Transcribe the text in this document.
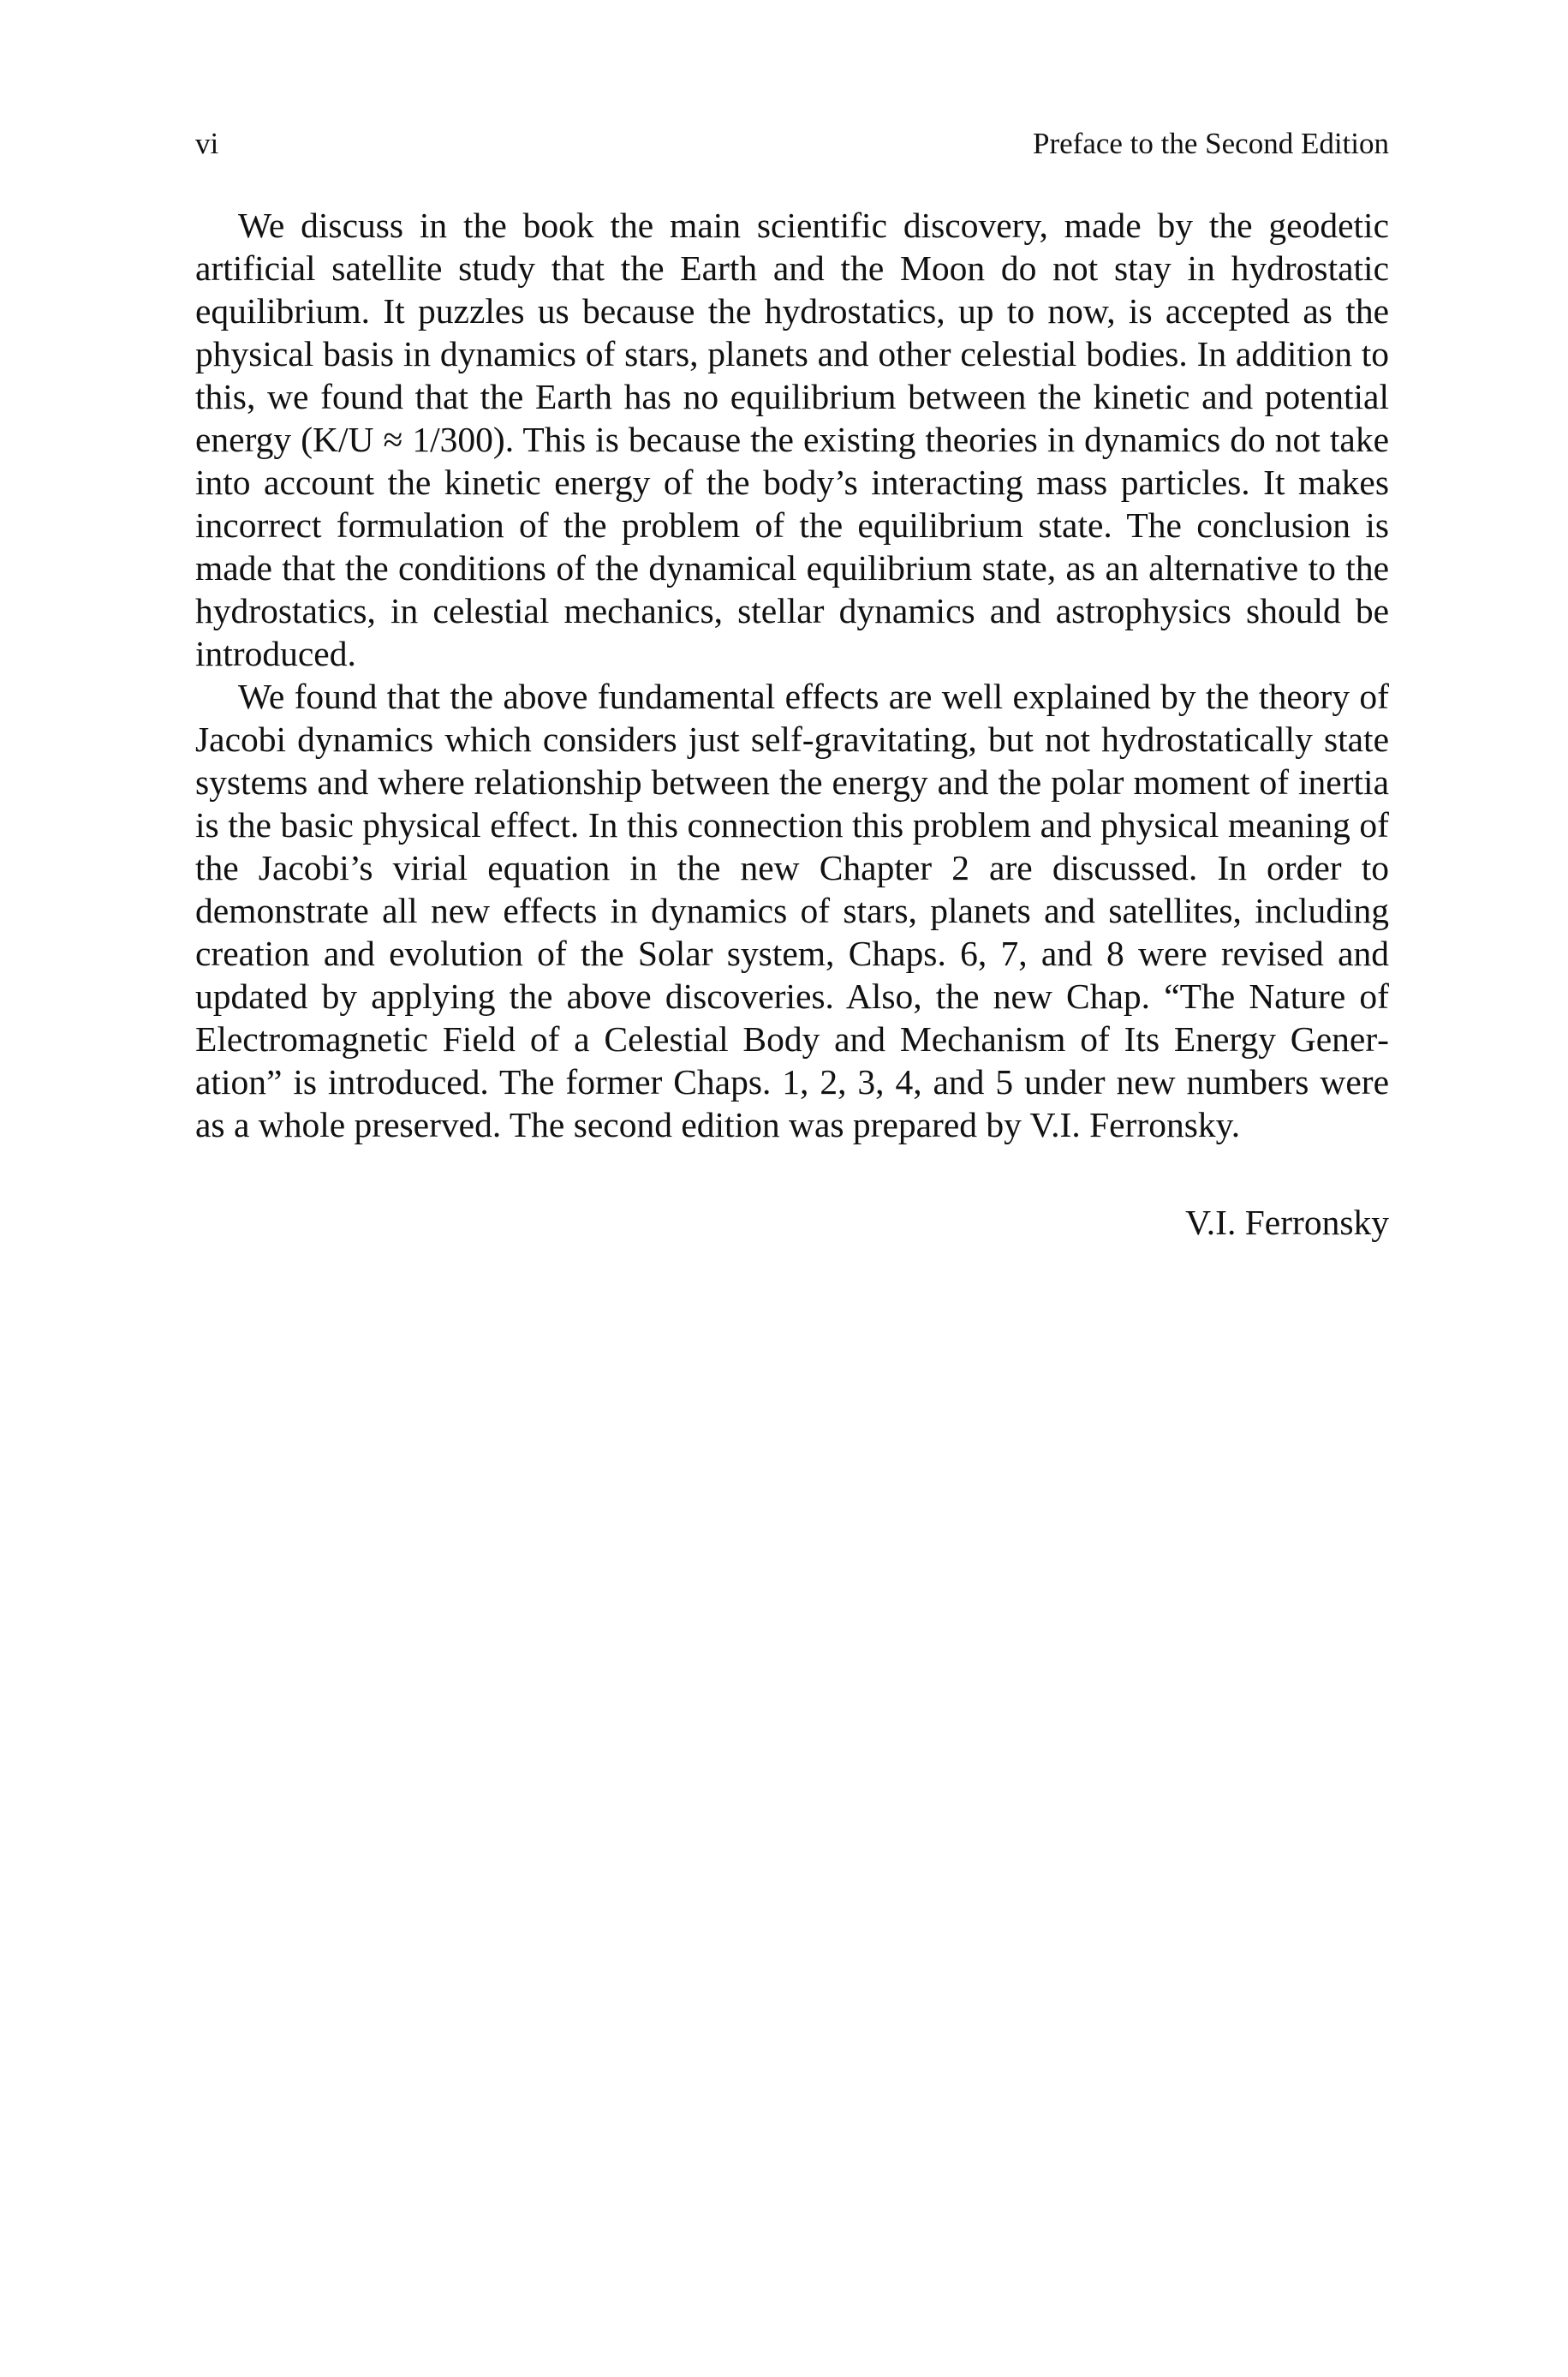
vi	Preface to the Second Edition

We discuss in the book the main scientific discovery, made by the geodetic artificial satellite study that the Earth and the Moon do not stay in hydrostatic equilibrium. It puzzles us because the hydrostatics, up to now, is accepted as the physical basis in dynamics of stars, planets and other celestial bodies. In addition to this, we found that the Earth has no equilibrium between the kinetic and potential energy (K/U ≈ 1/300). This is because the existing theories in dynamics do not take into account the kinetic energy of the body’s interacting mass particles. It makes incorrect formulation of the problem of the equilibrium state. The conclusion is made that the conditions of the dynamical equilibrium state, as an alternative to the hydrostatics, in celestial mechanics, stellar dynamics and astrophysics should be introduced.

We found that the above fundamental effects are well explained by the theory of Jacobi dynamics which considers just self-gravitating, but not hydrostatically state systems and where relationship between the energy and the polar moment of inertia is the basic physical effect. In this connection this problem and physical meaning of the Jacobi’s virial equation in the new Chapter 2 are discussed. In order to demonstrate all new effects in dynamics of stars, planets and satellites, including creation and evolution of the Solar system, Chaps. 6, 7, and 8 were revised and updated by applying the above discoveries. Also, the new Chap. “The Nature of Electromagnetic Field of a Celestial Body and Mechanism of Its Energy Generation” is introduced. The former Chaps. 1, 2, 3, 4, and 5 under new numbers were as a whole preserved. The second edition was prepared by V.I. Ferronsky.

V.I. Ferronsky
